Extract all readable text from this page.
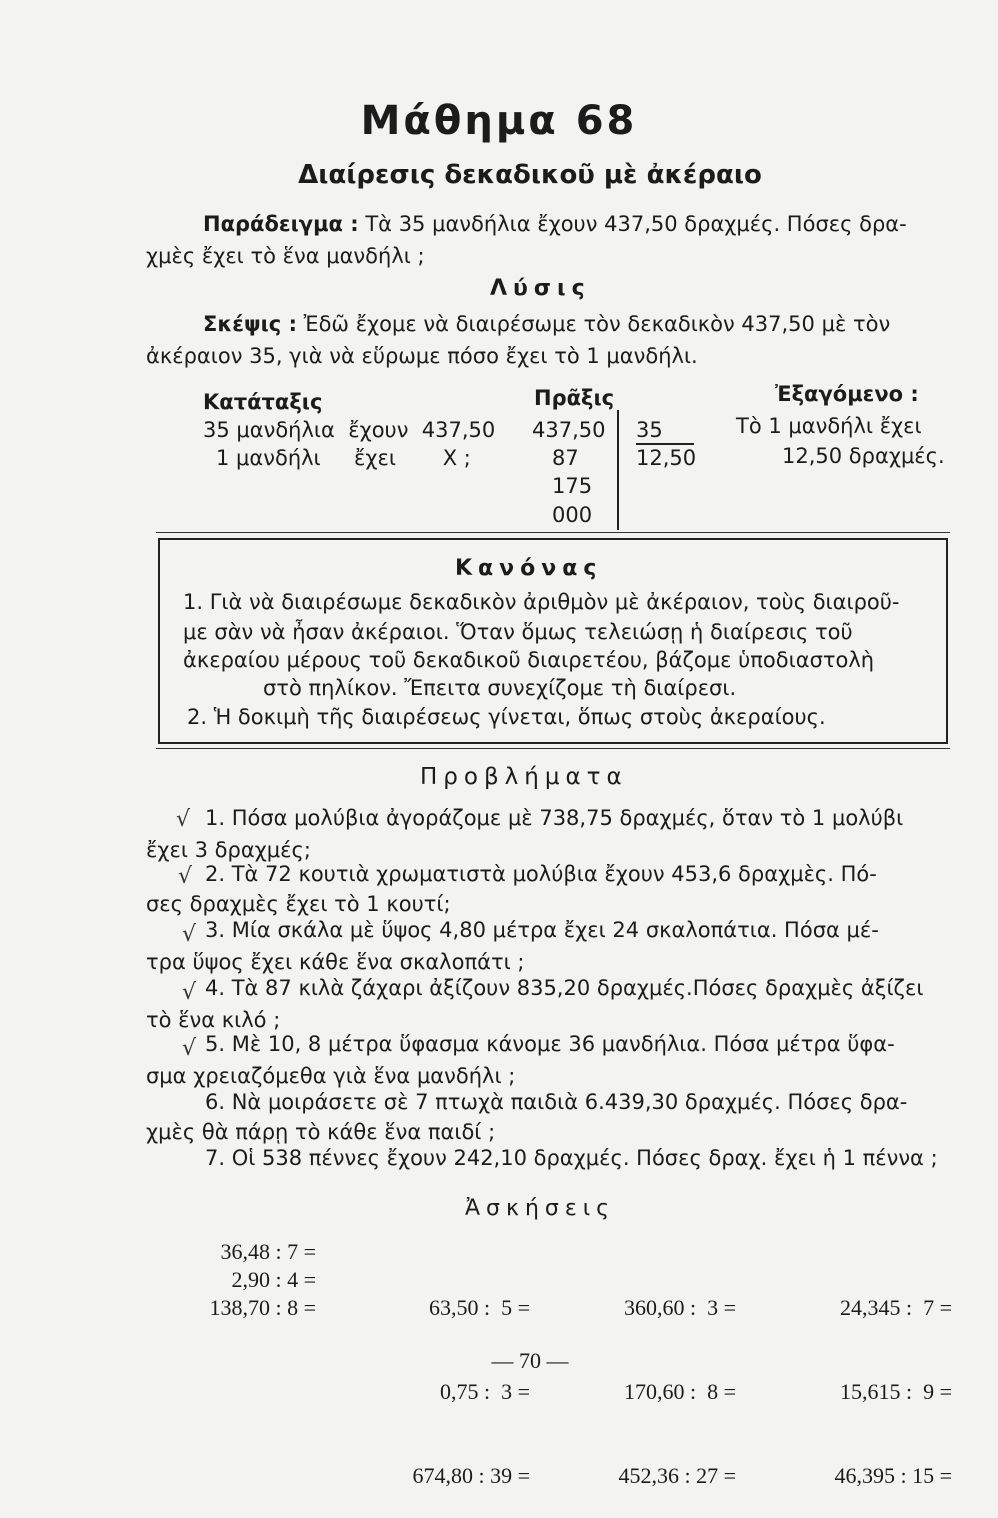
Μάθημα 68
Διαίρεσις δεκαδικοῦ μὲ ἀκέραιο
Παράδειγμα : Τὰ 35 μανδήλια ἔχουν 437,50 δραχμές. Πόσες δρα-
χμὲς ἔχει τὸ ἕνα μανδήλι ;
Λύσις
Σκέψις : Ἐδῶ ἔχομε νὰ διαιρέσωμε τὸν δεκαδικὸν 437,50 μὲ τὸν
ἀκέραιον 35, γιὰ νὰ εὕρωμε πόσο ἔχει τὸ 1 μανδήλι.
Κατάταξις
35 μανδήλια  ἔχουν  437,50
1 μανδήλι     ἔχει       Χ ;
Πρᾶξις
437,50
87
175
000
35
12,50
Ἐξαγόμενο :
Τὸ 1 μανδήλι ἔχει
12,50 δραχμές.
Κανόνας
1. Γιὰ νὰ διαιρέσωμε δεκαδικὸν ἀριθμὸν μὲ ἀκέραιον, τοὺς διαιροῦ-
με σὰν νὰ ἦσαν ἀκέραιοι. Ὅταν ὅμως τελειώσῃ ἡ διαίρεσις τοῦ
ἀκεραίου μέρους τοῦ δεκαδικοῦ διαιρετέου, βάζομε ὑποδιαστολὴ
στὸ πηλίκον. Ἔπειτα συνεχίζομε τὴ διαίρεσι.
2. Ἡ δοκιμὴ τῆς διαιρέσεως γίνεται, ὅπως στοὺς ἀκεραίους.
Προβλήματα
√ 1. Πόσα μολύβια ἀγοράζομε μὲ 738,75 δραχμές, ὅταν τὸ 1 μολύβι
ἔχει 3 δραχμές;
√ 2. Τὰ 72 κουτιὰ χρωματιστὰ μολύβια ἔχουν 453,6 δραχμὲς. Πό-
σες δραχμὲς ἔχει τὸ 1 κουτί;
√ 3. Μία σκάλα μὲ ὕψος 4,80 μέτρα ἔχει 24 σκαλοπάτια. Πόσα μέ-
τρα ὕψος ἔχει κάθε ἕνα σκαλοπάτι ;
√ 4. Τὰ 87 κιλὰ ζάχαρι ἀξίζουν 835,20 δραχμές.Πόσες δραχμὲς ἀξίζει
τὸ ἕνα κιλό ;
√ 5. Μὲ 10, 8 μέτρα ὕφασμα κάνομε 36 μανδήλια. Πόσα μέτρα ὕφα-
σμα χρειαζόμεθα γιὰ ἕνα μανδήλι ;
6. Νὰ μοιράσετε σὲ 7 πτωχὰ παιδιὰ 6.439,30 δραχμές. Πόσες δρα-
χμὲς θὰ πάρῃ τὸ κάθε ἕνα παιδί ;
7. Οἱ 538 πέννες ἔχουν 242,10 δραχμές. Πόσες δραχ. ἔχει ἡ 1 πέννα ;
Ἀσκήσεις
36,48 : 7 =
2,90 : 4 =
138,70 : 8 =

	63,50 :  5 =

0,75 :  3 =

674,80 : 39 =

360,60 :  3 =

170,60 :  8 =

452,36 : 27 =

24,345 :  7 =

15,615 :  9 =

46,395 : 15 =

— 70 —
